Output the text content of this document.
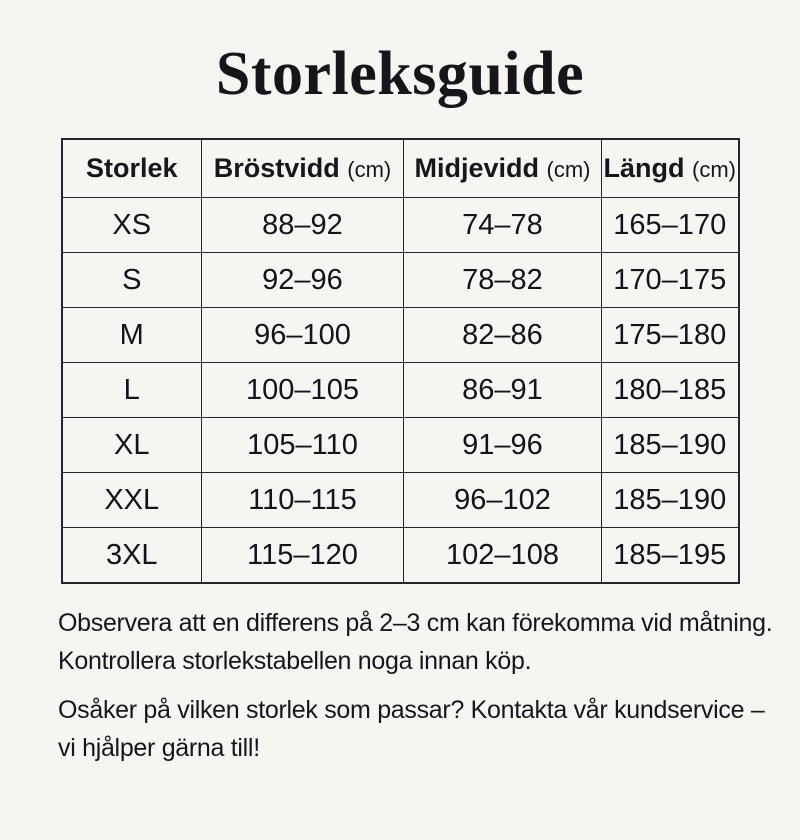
Storleksguide
Storlek	Bröstvidd (cm)	Midjevidd (cm)	Längd (cm)
XS	88–92	74–78	165–170
S	92–96	78–82	170–175
M	96–100	82–86	175–180
L	100–105	86–91	180–185
XL	105–110	91–96	185–190
XXL	110–115	96–102	185–190
3XL	115–120	102–108	185–195

Observera att en differens på 2–3 cm kan förekomma vid måtning.
Kontrollera storlekstabellen noga innan köp.

Osåker på vilken storlek som passar? Kontakta vår kundservice –
vi hjålper gärna till!
